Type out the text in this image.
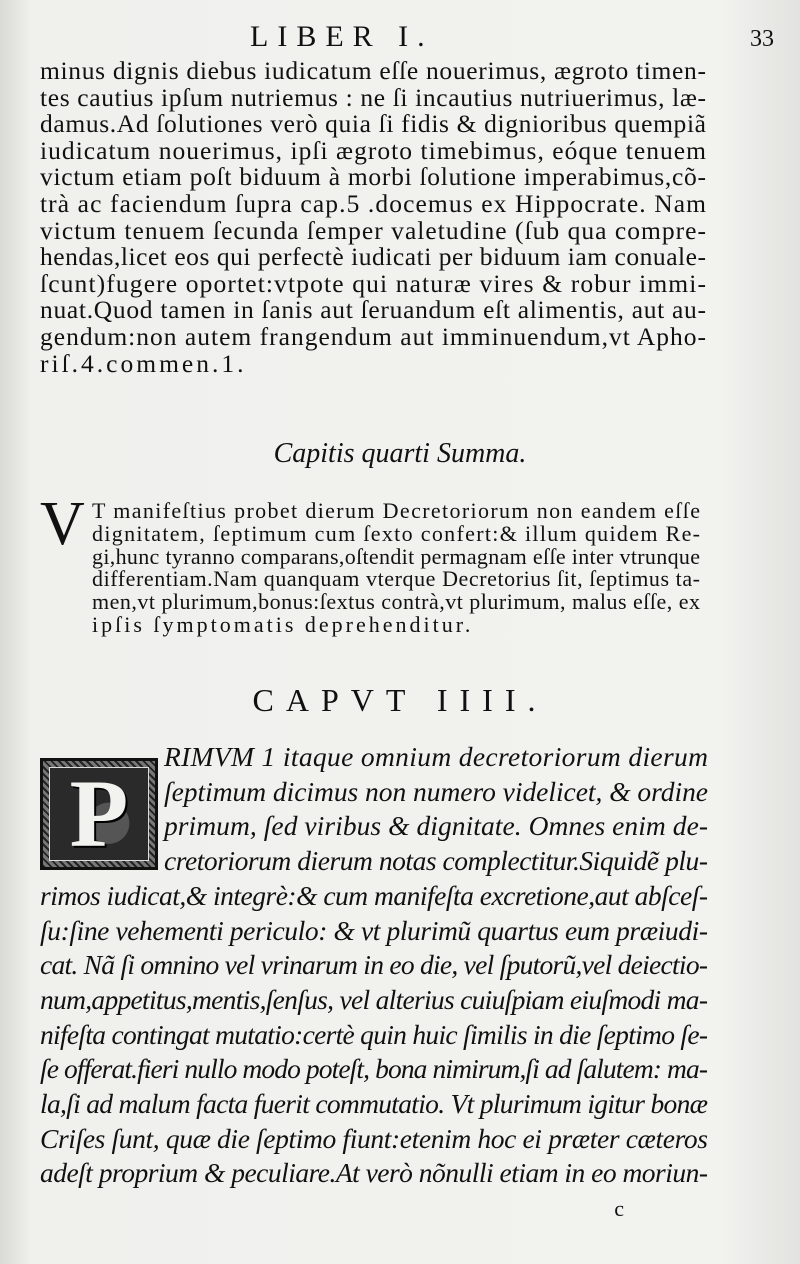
LIBER I.	33
minus dignis diebus iudicatum eſſe nouerimus, ægroto timen-
tes cautius ipſum nutriemus : ne ſi incautius nutriuerimus, læ-
damus.Ad ſolutiones verò quia ſi fidis & dignioribus quempiã
iudicatum nouerimus, ipſi ægroto timebimus, eóque tenuem
victum etiam poſt biduum à morbi ſolutione imperabimus,cõ-
trà ac faciendum ſupra cap.5 .docemus ex Hippocrate. Nam
victum tenuem ſecunda ſemper valetudine (ſub qua compre-
hendas,licet eos qui perfectè iudicati per biduum iam conuale-
ſcunt)fugere oportet:vtpote qui naturæ vires & robur immi-
nuat.Quod tamen in ſanis aut ſeruandum eſt alimentis, aut au-
gendum:non autem frangendum aut imminuendum,vt Apho-
riſ.4.commen.1.
Capitis quarti Summa.
V T manifeſtius probet dierum Decretoriorum non eandem eſſe
dignitatem, ſeptimum cum ſexto confert:& illum quidem Re-
gi,hunc tyranno comparans,oſtendit permagnam eſſe inter vtrunque
differentiam.Nam quanquam vterque Decretorius ſit, ſeptimus ta-
men,vt plurimum,bonus:ſextus contrà,vt plurimum, malus eſſe, ex
ipſis ſymptomatis deprehenditur.
CAPVT IIII.
P
RIMVM 1 itaque omnium decretoriorum dierum
ſeptimum dicimus non numero videlicet, & ordine
primum, ſed viribus & dignitate. Omnes enim de-
cretoriorum dierum notas complectitur.Siquidẽ plu-
rimos iudicat,& integrè:& cum manifeſta excretione,aut abſceſ-
ſu:ſine vehementi periculo: & vt plurimũ quartus eum præiudi-
cat. Nã ſi omnino vel vrinarum in eo die, vel ſputorũ,vel deiectio-
num,appetitus,mentis,ſenſus, vel alterius cuiuſpiam eiuſmodi ma-
nifeſta contingat mutatio:certè quin huic ſimilis in die ſeptimo ſe-
ſe offerat.fieri nullo modo poteſt, bona nimirum,ſi ad ſalutem: ma-
la,ſi ad malum facta fuerit commutatio. Vt plurimum igitur bonæ
Criſes ſunt, quæ die ſeptimo fiunt:etenim hoc ei præter cæteros
adeſt proprium & peculiare.At verò nõnulli etiam in eo moriun-
c
